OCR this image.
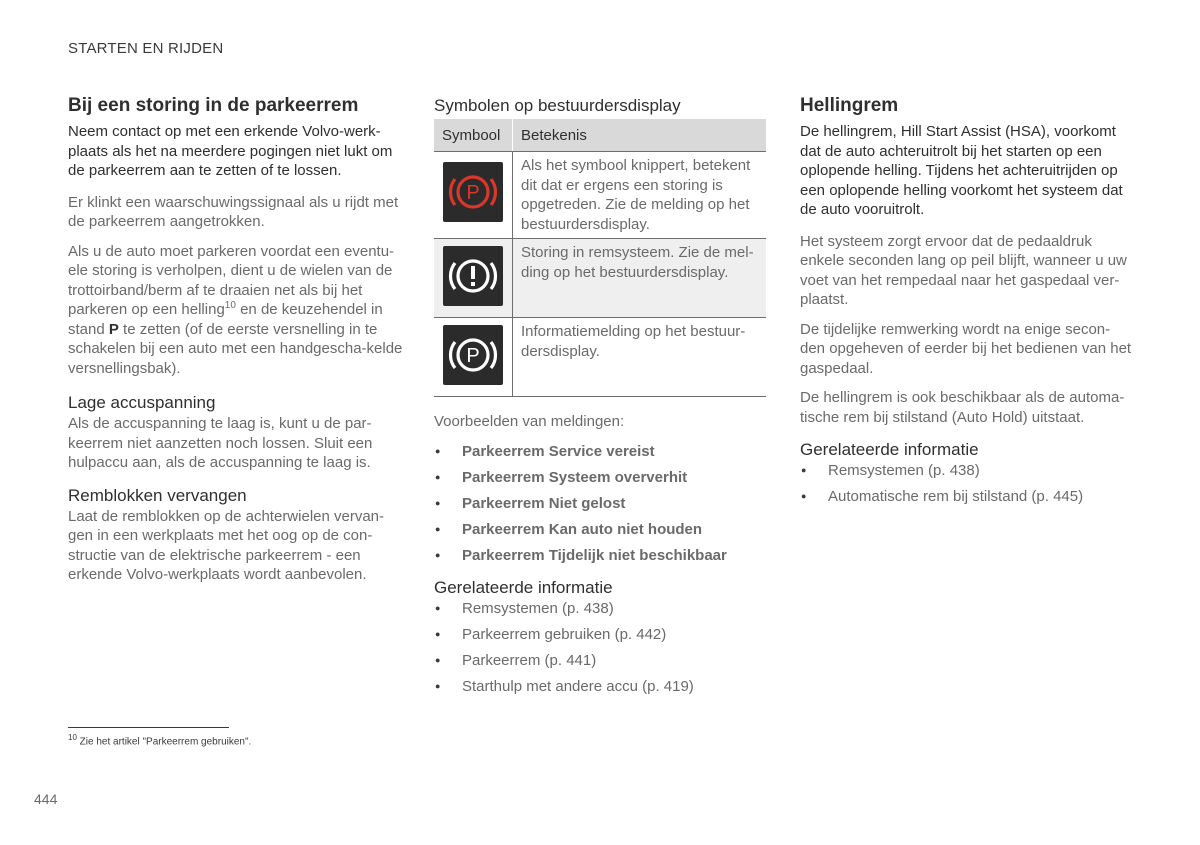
STARTEN EN RIJDEN
Bij een storing in de parkeerrem

Neem contact op met een erkende Volvo-werk-plaats als het na meerdere pogingen niet lukt om de parkeerrem aan te zetten of te lossen.

Er klinkt een waarschuwingssignaal als u rijdt met de parkeerrem aangetrokken.

Als u de auto moet parkeren voordat een eventu-ele storing is verholpen, dient u de wielen van de trottoirband/berm af te draaien net als bij het parkeren op een helling$^{10}$ en de keuzehendel in stand P te zetten (of de eerste versnelling in te schakelen bij een auto met een handgescha-kelde versnellingsbak).

Lage accuspanning

Als de accuspanning te laag is, kunt u de par-keerrem niet aanzetten noch lossen. Sluit een hulpaccu aan, als de accuspanning te laag is.

Remblokken vervangen

Laat de remblokken op de achterwielen vervan-gen in een werkplaats met het oog op de con-structie van de elektrische parkeerrem - een erkende Volvo-werkplaats wordt aanbevolen.

Symbolen op bestuurdersdisplay
Symbool	Betekenis

P	Als het symbool knippert, betekent dit dat er ergens een storing is opgetreden. Zie de melding op het bestuurdersdisplay.

	Storing in remsysteem. Zie de mel-ding op het bestuurdersdisplay.

P	Informatiemelding op het bestuur-dersdisplay.

Voorbeelden van meldingen:

● Parkeerrem Service vereist
● Parkeerrem Systeem oververhit
● Parkeerrem Niet gelost
● Parkeerrem Kan auto niet houden
● Parkeerrem Tijdelijk niet beschikbaar
Gerelateerde informatie
● Remsystemen (p. 438)
● Parkeerrem gebruiken (p. 442)
● Parkeerrem (p. 441)
● Starthulp met andere accu (p. 419)
Hellingrem

De hellingrem, Hill Start Assist (HSA), voorkomt dat de auto achteruitrolt bij het starten op een oplopende helling. Tijdens het achteruitrijden op een oplopende helling voorkomt het systeem dat de auto vooruitrolt.

Het systeem zorgt ervoor dat de pedaaldruk enkele seconden lang op peil blijft, wanneer u uw voet van het rempedaal naar het gaspedaal ver-plaatst.

De tijdelijke remwerking wordt na enige secon-den opgeheven of eerder bij het bedienen van het gaspedaal.

De hellingrem is ook beschikbaar als de automa-tische rem bij stilstand (Auto Hold) uitstaat.

Gerelateerde informatie
● Remsystemen (p. 438)
● Automatische rem bij stilstand (p. 445)
$^{10}$ Zie het artikel "Parkeerrem gebruiken".
444
